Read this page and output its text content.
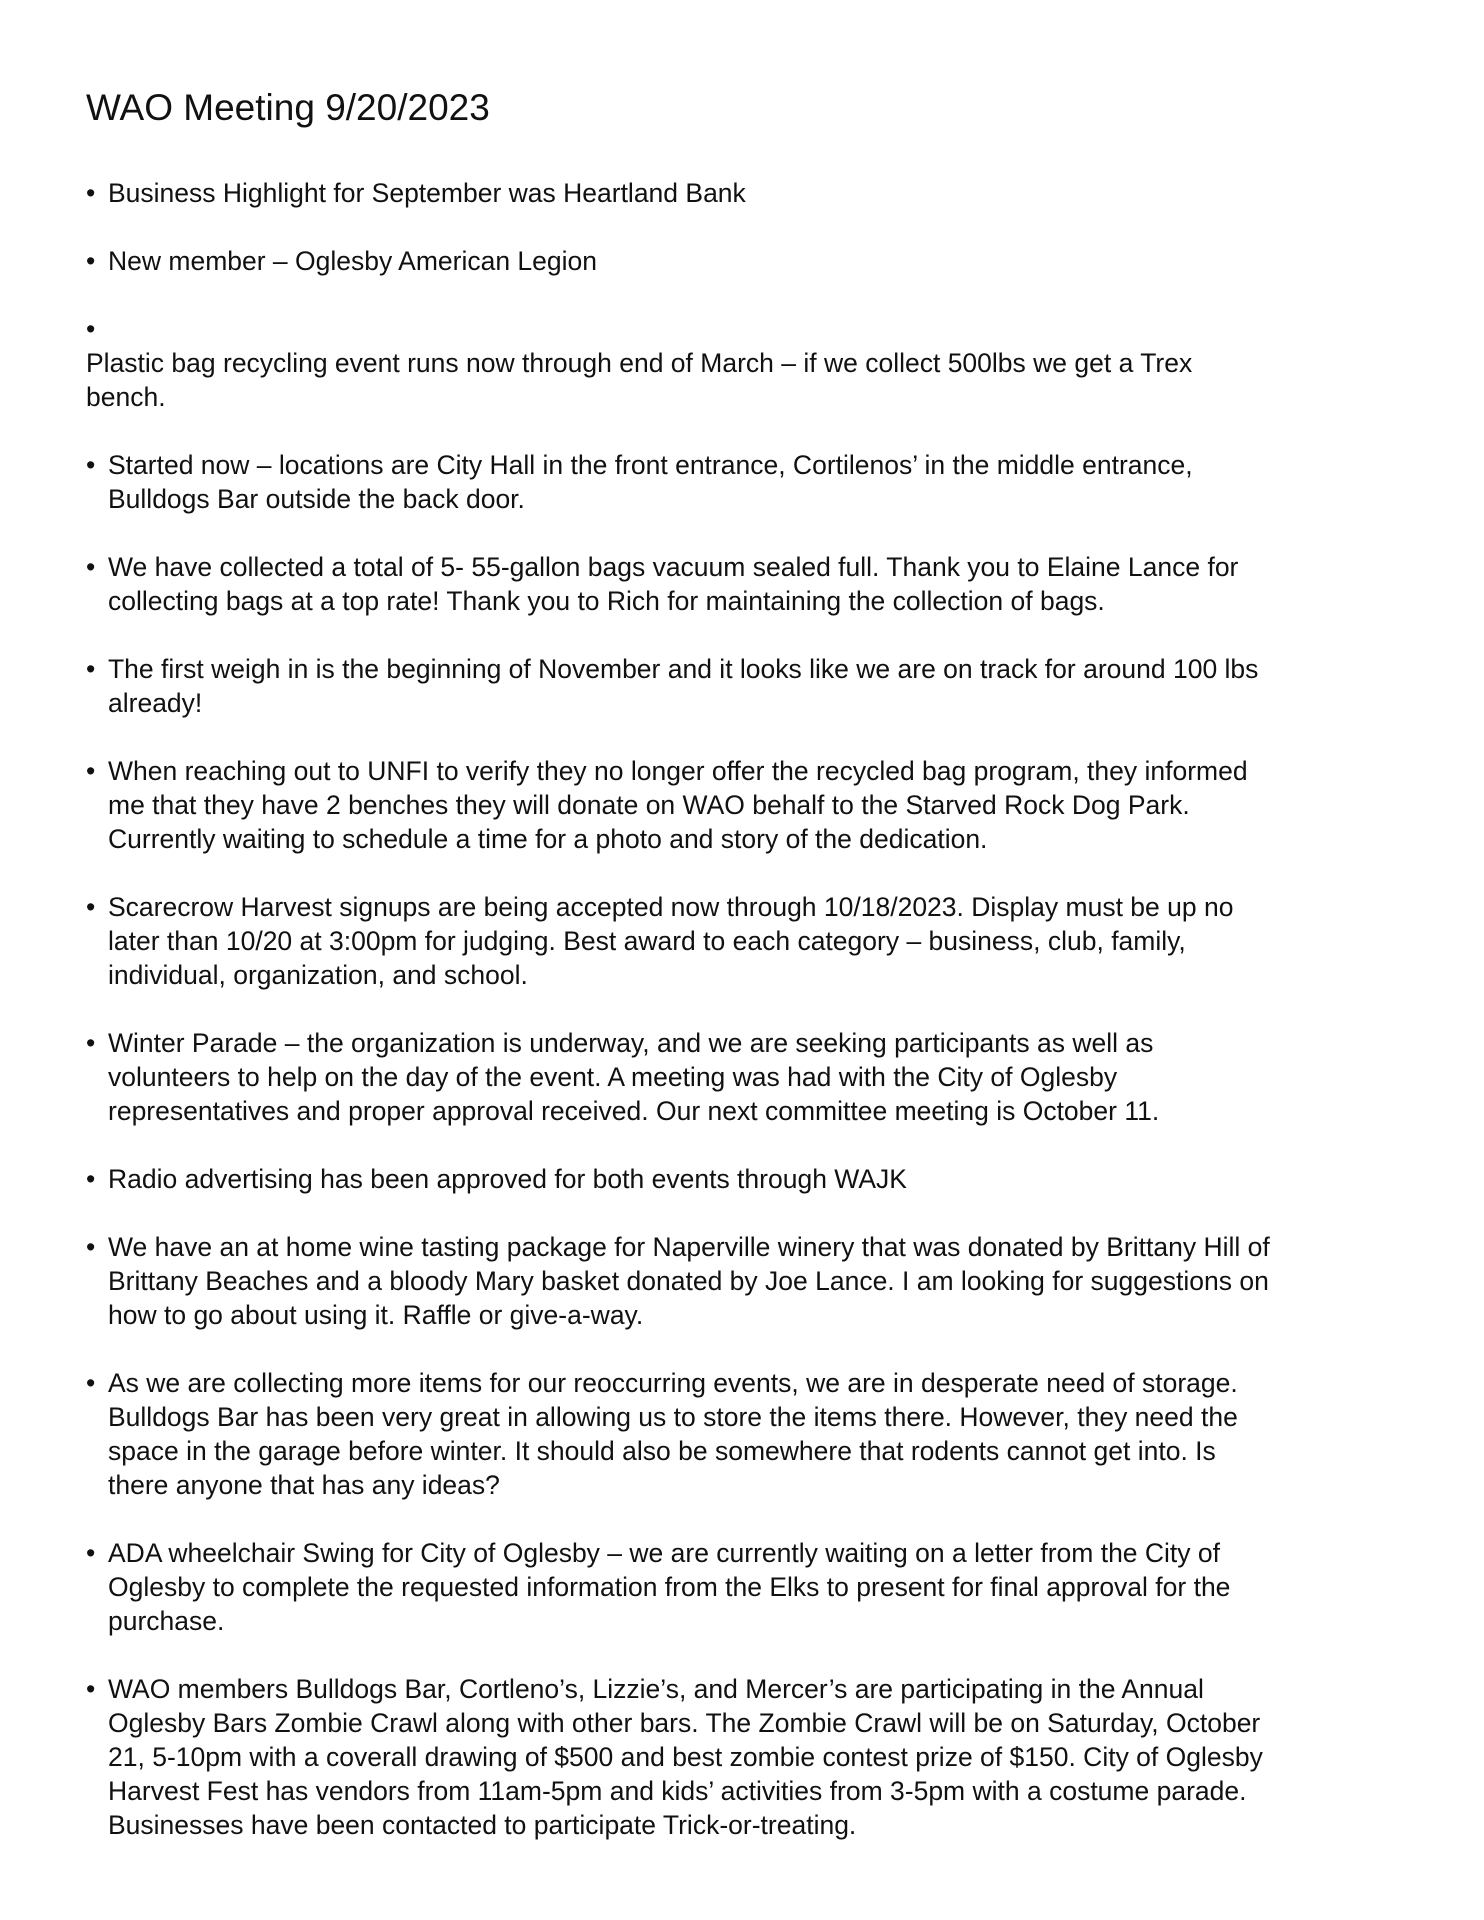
WAO Meeting 9/20/2023
• Business Highlight for September was Heartland Bank
• New member – Oglesby American Legion
•
Plastic bag recycling event runs now through end of March – if we collect 500lbs we get a Trex
bench.
• Started now – locations are City Hall in the front entrance, Cortilenos’ in the middle entrance,
Bulldogs Bar outside the back door.
• We have collected a total of 5- 55-gallon bags vacuum sealed full. Thank you to Elaine Lance for
collecting bags at a top rate! Thank you to Rich for maintaining the collection of bags.
• The first weigh in is the beginning of November and it looks like we are on track for around 100 lbs
already!
• When reaching out to UNFI to verify they no longer offer the recycled bag program, they informed
me that they have 2 benches they will donate on WAO behalf to the Starved Rock Dog Park.
Currently waiting to schedule a time for a photo and story of the dedication.
• Scarecrow Harvest signups are being accepted now through 10/18/2023. Display must be up no
later than 10/20 at 3:00pm for judging. Best award to each category – business, club, family,
individual, organization, and school.
• Winter Parade – the organization is underway, and we are seeking participants as well as
volunteers to help on the day of the event. A meeting was had with the City of Oglesby
representatives and proper approval received. Our next committee meeting is October 11.
• Radio advertising has been approved for both events through WAJK
• We have an at home wine tasting package for Naperville winery that was donated by Brittany Hill of
Brittany Beaches and a bloody Mary basket donated by Joe Lance. I am looking for suggestions on
how to go about using it. Raffle or give-a-way.
• As we are collecting more items for our reoccurring events, we are in desperate need of storage.
Bulldogs Bar has been very great in allowing us to store the items there. However, they need the
space in the garage before winter. It should also be somewhere that rodents cannot get into. Is
there anyone that has any ideas?
• ADA wheelchair Swing for City of Oglesby – we are currently waiting on a letter from the City of
Oglesby to complete the requested information from the Elks to present for final approval for the
purchase.
• WAO members Bulldogs Bar, Cortleno’s, Lizzie’s, and Mercer’s are participating in the Annual
Oglesby Bars Zombie Crawl along with other bars. The Zombie Crawl will be on Saturday, October
21, 5-10pm with a coverall drawing of $500 and best zombie contest prize of $150. City of Oglesby
Harvest Fest has vendors from 11am-5pm and kids’ activities from 3-5pm with a costume parade.
Businesses have been contacted to participate Trick-or-treating.
